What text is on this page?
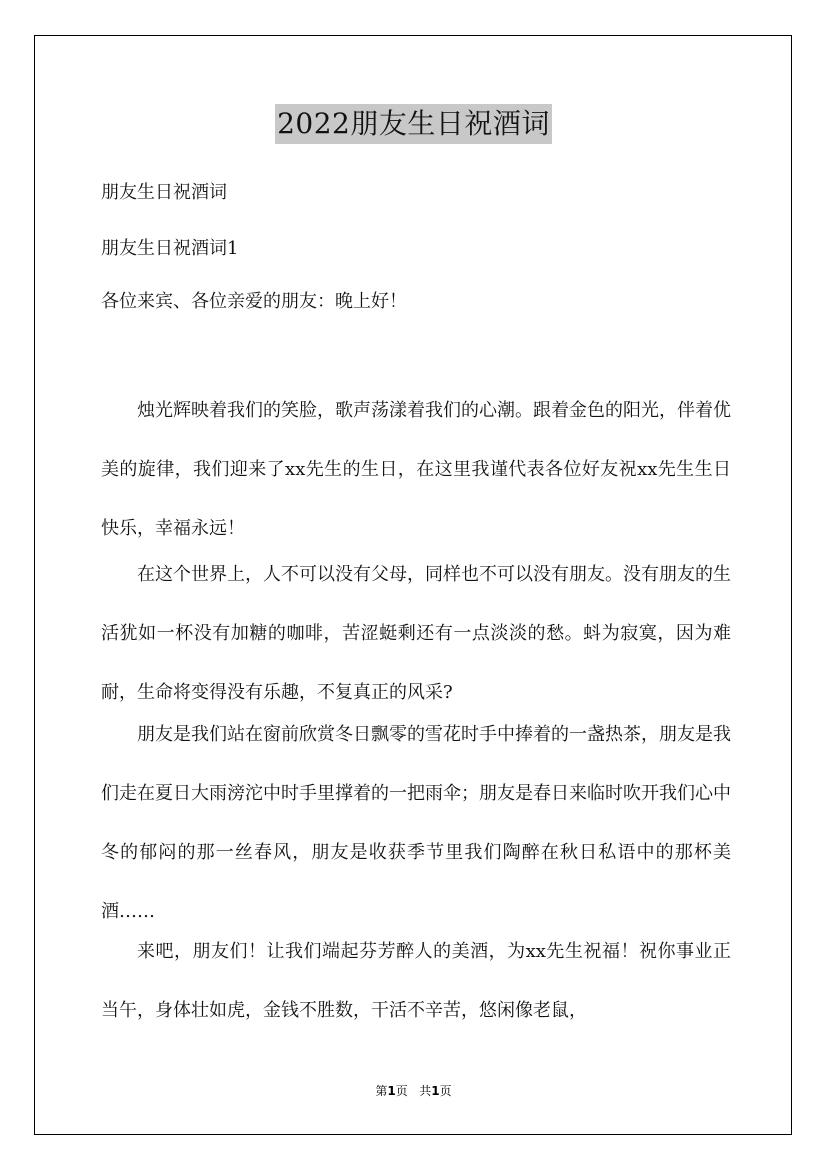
2022朋友生日祝酒词
朋友生日祝酒词
朋友生日祝酒词1
各位来宾、各位亲爱的朋友：晚上好！
烛光辉映着我们的笑脸，歌声荡漾着我们的心潮。跟着金色的阳光，伴着优美的旋律，我们迎来了xx先生的生日，在这里我谨代表各位好友祝xx先生生日快乐，幸福永远！
在这个世界上，人不可以没有父母，同样也不可以没有朋友。没有朋友的生活犹如一杯没有加糖的咖啡，苦涩蜓剩还有一点淡淡的愁。蚪为寂寞，因为难耐，生命将变得没有乐趣，不复真正的风采?
朋友是我们站在窗前欣赏冬日飘零的雪花时手中捧着的一盏热茶，朋友是我们走在夏日大雨滂沱中时手里撑着的一把雨伞；朋友是春日来临时吹开我们心中冬的郁闷的那一丝春风，朋友是收获季节里我们陶醉在秋日私语中的那杯美酒……
来吧，朋友们！让我们端起芬芳醉人的美酒，为xx先生祝福！祝你事业正当午，身体壮如虎，金钱不胜数，干活不辛苦，悠闲像老鼠，
第1页 共1页
